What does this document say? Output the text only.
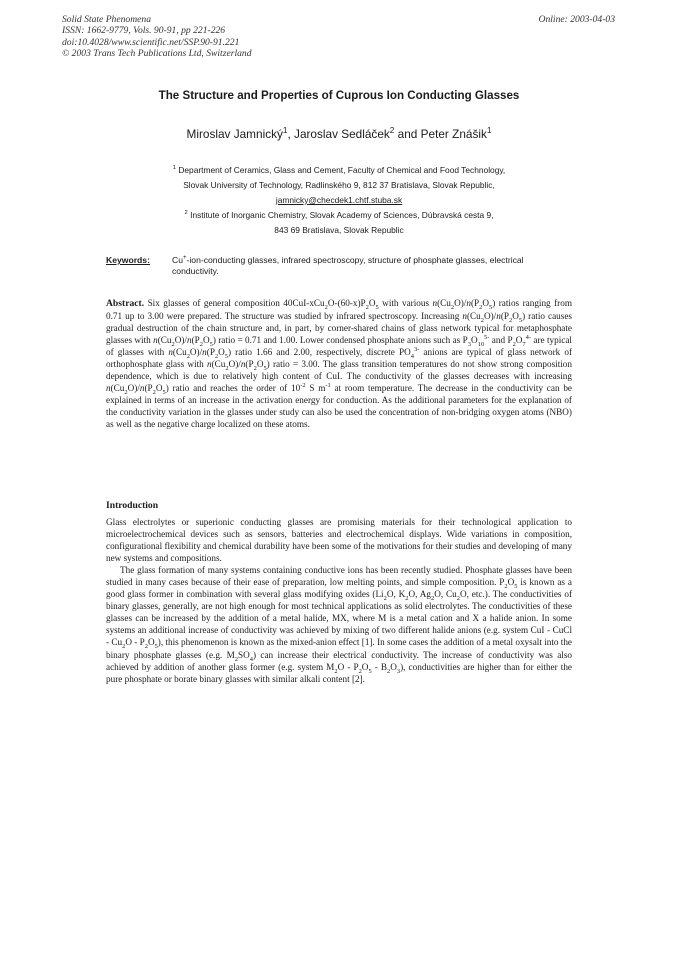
Solid State Phenomena
ISSN: 1662-9779, Vols. 90-91, pp 221-226
doi:10.4028/www.scientific.net/SSP.90-91.221
© 2003 Trans Tech Publications Ltd, Switzerland
Online: 2003-04-03
The Structure and Properties of Cuprous Ion Conducting Glasses
Miroslav Jamnický$^1$, Jaroslav Sedláček$^2$ and Peter Znášik$^1$
$^1$ Department of Ceramics, Glass and Cement, Faculty of Chemical and Food Technology,
Slovak University of Technology, Radlinského 9, 812 37 Bratislava, Slovak Republic,
jamnicky@checdek1.chtf.stuba.sk
$^2$ Institute of Inorganic Chemistry, Slovak Academy of Sciences, Dúbravská cesta 9,
843 69 Bratislava, Slovak Republic
Keywords:	Cu+-ion-conducting glasses, infrared spectroscopy, structure of phosphate glasses, electrical conductivity.
Abstract. Six glasses of general composition $40CuI-xCu_2O-(60-x)P_2O_5$ with various $n(Cu_2O)/n(P_2O_5)$ ratios ranging from 0.71 up to 3.00 were prepared. The structure was studied by infrared spectroscopy. Increasing $n(Cu_2O)/n(P_2O_5)$ ratio causes gradual destruction of the chain structure and, in part, by corner-shared chains of glass network typical for metaphosphate glasses with $n(Cu_2O)/n(P_2O_5)$ ratio = 0.71 and 1.00. Lower condensed phosphate anions such as $P_3O_{10}^{5-}$ and $P_2O_7^{4-}$ are typical of glasses with $n(Cu_2O)/n(P_2O_5)$ ratio 1.66 and 2.00, respectively, discrete $PO_4^{3-}$ anions are typical of glass network of orthophosphate glass with $n(Cu_2O)/n(P_2O_5)$ ratio = 3.00. The glass transition temperatures do not show strong composition dependence, which is due to relatively high content of CuI. The conductivity of the glasses decreases with increasing $n(Cu_2O)/n(P_2O_5)$ ratio and reaches the order of $10^{-2}$ S $m^{-1}$ at room temperature. The decrease in the conductivity can be explained in terms of an increase in the activation energy for conduction. As the additional parameters for the explanation of the conductivity variation in the glasses under study can also be used the concentration of non-bridging oxygen atoms (NBO) as well as the negative charge localized on these atoms.
Introduction

Glass electrolytes or superionic conducting glasses are promising materials for their technological application to microelectrochemical devices such as sensors, batteries and electrochemical displays. Wide variations in composition, configurational flexibility and chemical durability have been some of the motivations for their studies and developing of many new systems and compositions.

The glass formation of many systems containing conductive ions has been recently studied. Phosphate glasses have been studied in many cases because of their ease of preparation, low melting points, and simple composition. $P_2O_5$ is known as a good glass former in combination with several glass modifying oxides ($Li_2O$, $K_2O$, $Ag_2O$, $Cu_2O$, etc.). The conductivities of binary glasses, generally, are not high enough for most technical applications as solid electrolytes. The conductivities of these glasses can be increased by the addition of a metal halide, MX, where M is a metal cation and X a halide anion. In some systems an additional increase of conductivity was achieved by mixing of two different halide anions (e.g. system CuI - CuCl - $Cu_2O - P_2O_5$), this phenomenon is known as the mixed-anion effect [1]. In some cases the addition of a metal oxysalt into the binary phosphate glasses (e.g. $M_2SO_4$) can increase their electrical conductivity. The increase of conductivity was also achieved by addition of another glass former (e.g. system $M_2O - P_2O_5 - B_2O_3$), conductivities are higher than for either the pure phosphate or borate binary glasses with similar alkali content [2].
